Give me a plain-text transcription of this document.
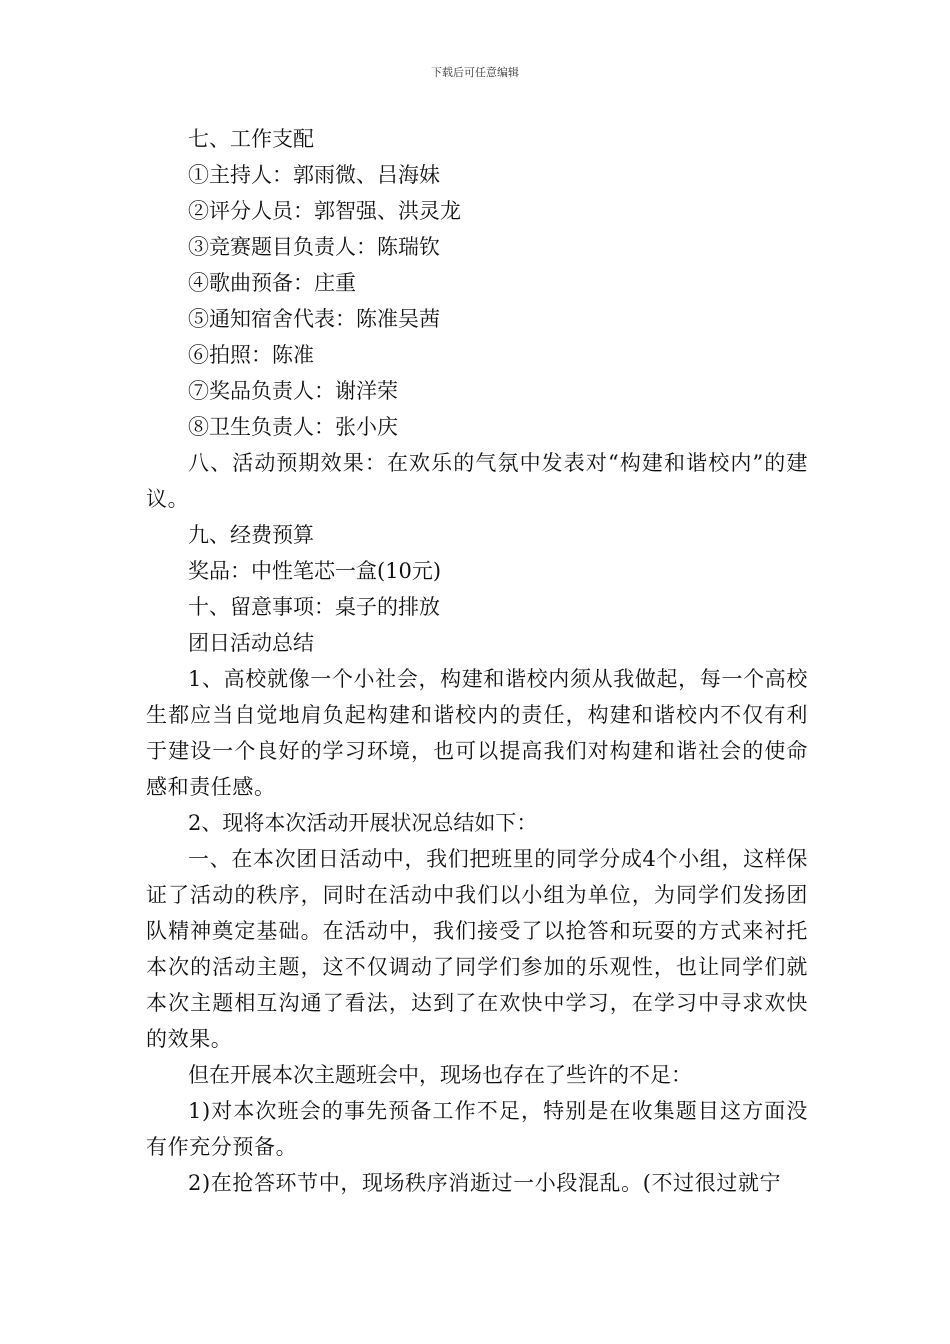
下载后可任意编辑

七、工作支配

①主持人：郭雨微、吕海妹

②评分人员：郭智强、洪灵龙

③竞赛题目负责人：陈瑞钦

④歌曲预备：庄重

⑤通知宿舍代表：陈准吴茜

⑥拍照：陈准

⑦奖品负责人：谢洋荣

⑧卫生负责人：张小庆

八、活动预期效果：在欢乐的气氛中发表对“构建和谐校内”的建议。

九、经费预算

奖品：中性笔芯一盒(10元)

十、留意事项：桌子的排放

团日活动总结

1、高校就像一个小社会，构建和谐校内须从我做起，每一个高校生都应当自觉地肩负起构建和谐校内的责任，构建和谐校内不仅有利于建设一个良好的学习环境，也可以提高我们对构建和谐社会的使命感和责任感。

2、现将本次活动开展状况总结如下：

一、在本次团日活动中，我们把班里的同学分成4个小组，这样保证了活动的秩序，同时在活动中我们以小组为单位，为同学们发扬团队精神奠定基础。在活动中，我们接受了以抢答和玩耍的方式来衬托本次的活动主题，这不仅调动了同学们参加的乐观性，也让同学们就本次主题相互沟通了看法，达到了在欢快中学习，在学习中寻求欢快的效果。

但在开展本次主题班会中，现场也存在了些许的不足：

1)对本次班会的事先预备工作不足，特别是在收集题目这方面没有作充分预备。

2)在抢答环节中，现场秩序消逝过一小段混乱。(不过很过就宁
